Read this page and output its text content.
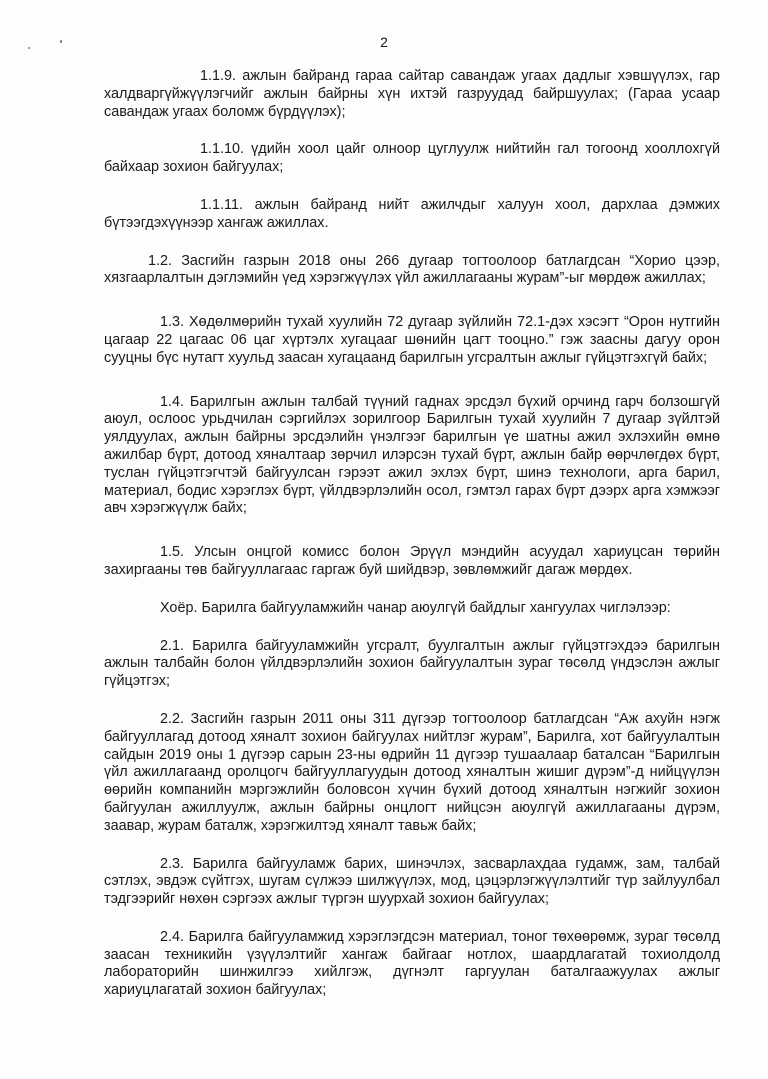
2

1.1.9. ажлын байранд гараа сайтар савандаж угаах дадлыг хэвшүүлэх, гар халдваргүйжүүлэгчийг ажлын байрны хүн ихтэй газруудад байршуулах; (Гараа усаар савандаж угаах боломж бүрдүүлэх);

1.1.10. үдийн хоол цайг олноор цуглуулж нийтийн гал тогоонд хооллохгүй байхаар зохион байгуулах;

1.1.11. ажлын байранд нийт ажилчдыг халуун хоол, дархлаа дэмжих бүтээгдэхүүнээр хангаж ажиллах.

1.2. Засгийн газрын 2018 оны 266 дугаар тогтоолоор батлагдсан “Хорио цээр, хязгаарлалтын дэглэмийн үед хэрэгжүүлэх үйл ажиллагааны журам”-ыг мөрдөж ажиллах;

1.3. Хөдөлмөрийн тухай хуулийн 72 дугаар зүйлийн 72.1-дэх хэсэгт “Орон нутгийн цагаар 22 цагаас 06 цаг хүртэлх хугацааг шөнийн цагт тооцно.” гэж заасны дагуу орон сууцны бүс нутагт хуульд заасан хугацаанд барилгын угсралтын ажлыг гүйцэтгэхгүй байх;

1.4. Барилгын ажлын талбай түүний гаднах эрсдэл бүхий орчинд гарч болзошгүй аюул, ослоос урьдчилан сэргийлэх зорилгоор Барилгын тухай хуулийн 7 дугаар зүйлтэй уялдуулах, ажлын байрны эрсдэлийн үнэлгээг барилгын үе шатны ажил эхлэхийн өмнө ажилбар бүрт, дотоод хяналтаар зөрчил илэрсэн тухай бүрт, ажлын байр өөрчлөгдөх бүрт, туслан гүйцэтгэгчтэй байгуулсан гэрээт ажил эхлэх бүрт, шинэ технологи, арга барил, материал, бодис хэрэглэх бүрт, үйлдвэрлэлийн осол, гэмтэл гарах бүрт дээрх арга хэмжээг авч хэрэгжүүлж байх;

1.5. Улсын онцгой комисс болон Эрүүл мэндийн асуудал хариуцсан төрийн захиргааны төв байгууллагаас гаргаж буй шийдвэр, зөвлөмжийг дагаж мөрдөх.

Хоёр. Барилга байгууламжийн чанар аюулгүй байдлыг хангуулах чиглэлээр:

2.1. Барилга байгууламжийн угсралт, буулгалтын ажлыг гүйцэтгэхдээ барилгын ажлын талбайн болон үйлдвэрлэлийн зохион байгуулалтын зураг төсөлд үндэслэн ажлыг гүйцэтгэх;

2.2. Засгийн газрын 2011 оны 311 дүгээр тогтоолоор батлагдсан “Аж ахуйн нэгж байгууллагад дотоод хяналт зохион байгуулах нийтлэг журам”, Барилга, хот байгуулалтын сайдын 2019 оны 1 дүгээр сарын 23-ны өдрийн 11 дүгээр тушаалаар баталсан “Барилгын үйл ажиллагаанд оролцогч байгууллагуудын дотоод хяналтын жишиг дүрэм”-д нийцүүлэн өөрийн компанийн мэргэжлийн боловсон хүчин бүхий дотоод хяналтын нэгжийг зохион байгуулан ажиллуулж, ажлын байрны онцлогт нийцсэн аюулгүй ажиллагааны дүрэм, заавар, журам баталж, хэрэгжилтэд хяналт тавьж байх;

2.3. Барилга байгууламж барих, шинэчлэх, засварлахдаа гудамж, зам, талбай сэтлэх, эвдэж сүйтгэх, шугам сүлжээ шилжүүлэх, мод, цэцэрлэгжүүлэлтийг түр зайлуулбал тэдгээрийг нөхөн сэргээх ажлыг түргэн шуурхай зохион байгуулах;

2.4. Барилга байгууламжид хэрэглэгдсэн материал, тоног төхөөрөмж, зураг төсөлд заасан техникийн үзүүлэлтийг хангаж байгааг нотлох, шаардлагатай тохиолдолд лабораторийн шинжилгээ хийлгэж, дүгнэлт гаргуулан баталгаажуулах ажлыг хариуцлагатай зохион байгуулах;
